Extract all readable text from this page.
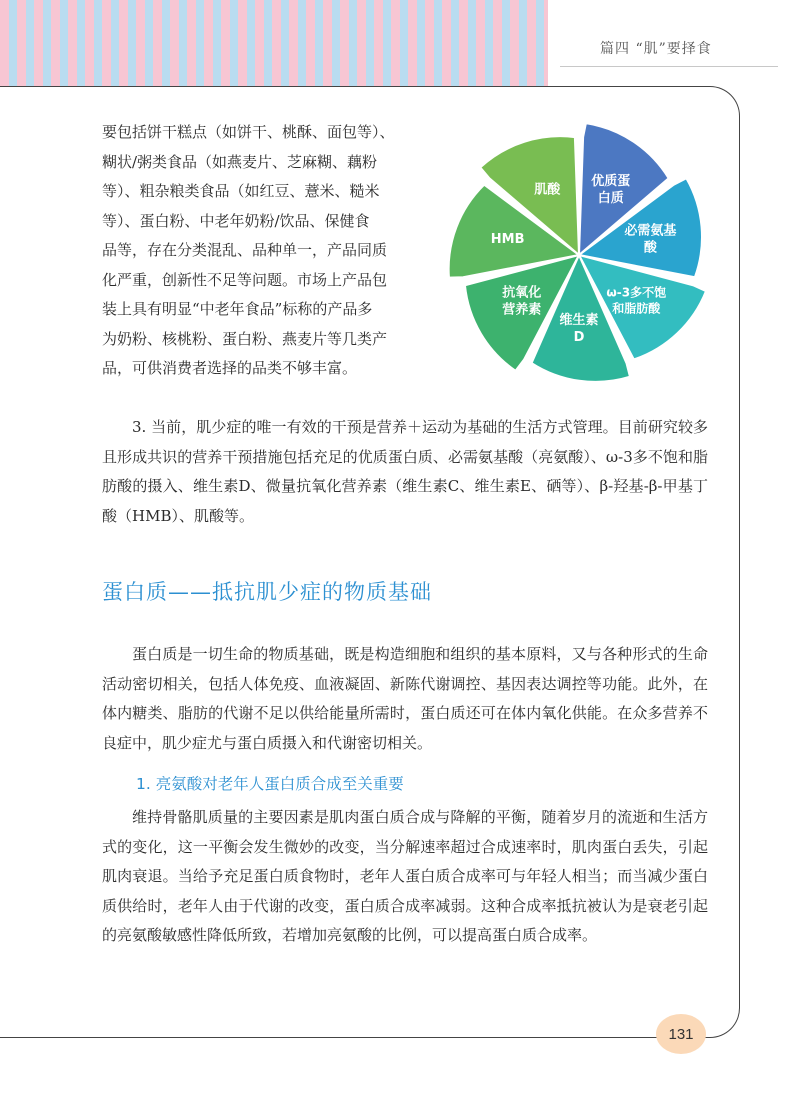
篇四 “肌”要择食

要包括饼干糕点（如饼干、桃酥、面包等）、

糊状/粥类食品（如燕麦片、芝麻糊、藕粉

等）、粗杂粮类食品（如红豆、薏米、糙米

等）、蛋白粉、中老年奶粉/饮品、保健食

品等，存在分类混乱、品种单一，产品同质

化严重，创新性不足等问题。市场上产品包

装上具有明显“中老年食品”标称的产品多

为奶粉、核桃粉、蛋白粉、燕麦片等几类产

品，可供消费者选择的品类不够丰富。

优质蛋
白质
必需氨基
酸
ω-3多不饱
和脂肪酸
维生素
D
抗氧化
营养素
HMB
肌酸

3. 当前，肌少症的唯一有效的干预是营养＋运动为基础的生活方式管理。目前研究较多且形成共识的营养干预措施包括充足的优质蛋白质、必需氨基酸（亮氨酸）、ω-3多不饱和脂肪酸的摄入、维生素D、微量抗氧化营养素（维生素C、维生素E、硒等）、β-羟基-β-甲基丁酸（HMB）、肌酸等。

蛋白质——抵抗肌少症的物质基础

蛋白质是一切生命的物质基础，既是构造细胞和组织的基本原料，又与各种形式的生命活动密切相关，包括人体免疫、血液凝固、新陈代谢调控、基因表达调控等功能。此外，在体内糖类、脂肪的代谢不足以供给能量所需时，蛋白质还可在体内氧化供能。在众多营养不良症中，肌少症尤与蛋白质摄入和代谢密切相关。

1. 亮氨酸对老年人蛋白质合成至关重要

维持骨骼肌质量的主要因素是肌肉蛋白质合成与降解的平衡，随着岁月的流逝和生活方式的变化，这一平衡会发生微妙的改变，当分解速率超过合成速率时，肌肉蛋白丢失，引起肌肉衰退。当给予充足蛋白质食物时，老年人蛋白质合成率可与年轻人相当；而当减少蛋白质供给时，老年人由于代谢的改变，蛋白质合成率减弱。这种合成率抵抗被认为是衰老引起的亮氨酸敏感性降低所致，若增加亮氨酸的比例，可以提高蛋白质合成率。

131
